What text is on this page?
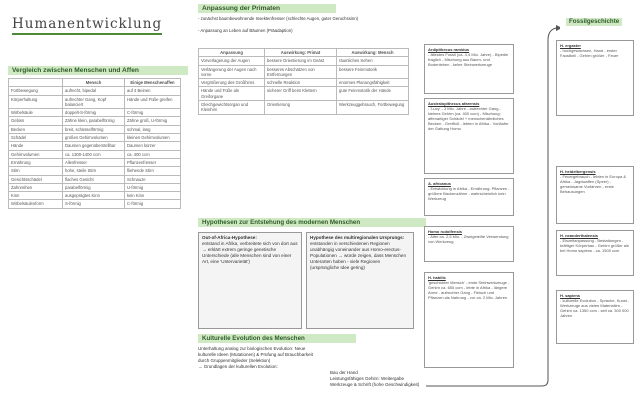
Humanentwicklung
Vergleich zwischen Menschen und Affen
	Mensch	Einige Menschenaffen
Fortbewegung	aufrecht, bipedal	auf 4 Beinen
Körperhaltung	aufrechter Gang, Kopf balanciert	Hände und Füße greifen
Wirbelsäule	doppelt-S-förmig	C-förmig
Gebiss	Zähne klein, parabelförmig	Zähne groß, U-förmig
Becken	breit, schüsselförmig	schmal, lang
Schädel	großes Gehirnvolumen	kleines Gehirnvolumen
Hände	Daumen gegenüberstellbar	Daumen kürzer
Gehirnvolumen	ca. 1300-1400 ccm	ca. 400 ccm
Ernährung	Allesfresser	Pflanzenfresser
Stirn	hohe, steile Stirn	fliehende Stirn
Gesichtsschädel	flaches Gesicht	Schnauze
Zahnreihen	parabelförmig	U-förmig
Kinn	ausgeprägtes Kinn	kein Kinn
Wirbelsäulenform	S-förmig	C-förmig
Anpassung der Primaten
- zunächst baumbewohnende Insektenfresser (schlechte Augen, guter Geruchssinn)
- Anpassung an Leben auf Bäumen (Präadaption)
Anpassung	Auswirkung: Primat	Auswirkung: Mensch
Vorverlagerung der Augen	bessere Orientierung im Geäst	räumliches Sehen
Verlängerung der Augen nach vorne	besseres Abschätzen von Entfernungen	bessere Feinmotorik
Vergrößerung des Großhirns	schnelle Reaktion	enormes Planungsfähigkeit
Hände und Füße als Greiforgane	sicherer Griff beim Klettern	gute Feinmotorik der Hände
Gleichgewichtsorgan und Kleinhirn	Orientierung	Werkzeuggebrauch, Fortbewegung
Hypothesen zur Entstehung des modernen Menschen
Out-of-Africa-Hypothese:
entstand in Afrika, verbreitete sich von dort aus → erklärt extrem geringe genetische Unterschiede (alle Menschen sind von einer Art, eine 'Untervarietät')
Hypothese des multiregionalen Ursprungs:
entstanden in verschiedenen Regionen unabhängig voneinander aus Homo-erectus-Populationen → würde zeigen, dass Menschen Unterarten haben - viele Regionen (ursprüngliche Idee gering)
Kulturelle Evolution des Menschen
Unterhaltung analog zur biologischen Evolution: Neue
kulturelle Ideen (Mutationen) & Prüfung auf Brauchbarkeit
durch Gruppenmitglieder (Selektion)
→ Grundlagen der kulturellen Evolution:
Bau der Hand
Leistungsfähiges Gehirn: Weitergabe
Werkzeuge & Schrift (hohe Geschwindigkeit)
Fossilgeschichte
Ardipithecus ramidus
- ältestes Fossil (ca. 4,4 Mio. Jahre) - Bipedie fraglich - Mischung aus Baum- und Bodenleben - keine Steinwerkzeuge
Australopithecus afarensis
- 'Lucy' - 3 Mio. Jahre - aufrechter Gang - kleines Gehirn (ca. 400 ccm) - Mischung: affenartiger Schädel + menschenähnliches Becken - Greiffuß - lebten in Afrika - Vorläufer der Gattung Homo
A. africanus
- Entwicklung in Afrika - Ernährung: Pflanzen - größere Backenzähne - wahrscheinlich kein Werkzeug
Homo rudolfensis
- Alter ca. 2,5 Mio. - Zweigeteilte Verwendung von Werkzeug
H. habilis
'geschickter Mensch' - erste Steinwerkzeuge - Gehirn ca. 650 ccm - lebte in Afrika - längere Arme - aufrechter Gang - Fleisch und Pflanzen als Nahrung - vor ca. 2 Mio. Jahren
H. ergaster
- hochgewachsen, Hand - erster Faustkeil - Gehirn größer - Feuer
H. heidelbergensis
- Feuergebrauch - lebten in Europa & Afrika - Jagdwaffen (Speer) - gemeinsame Vorfahren - erste Behausungen
H. neanderthalensis
- Eiszeitanpassung - Bestattungen - kräftiger Körperbau - Gehirn größer als bei Homo sapiens - ca. 1500 ccm
H. sapiens
- kulturelle Evolution - Sprache, Kunst - Werkzeuge aus vielen Materialien - Gehirn ca. 1350 ccm - seit ca. 300 000 Jahren
